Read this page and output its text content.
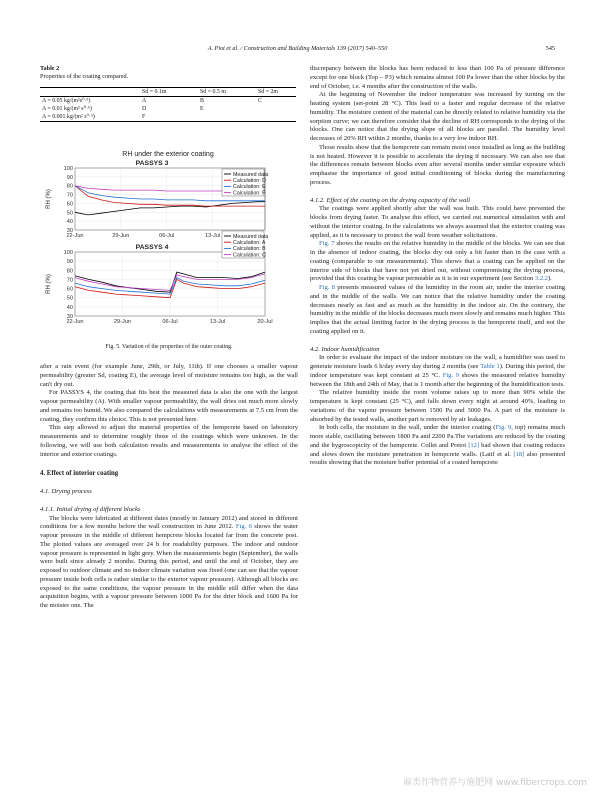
A. Piot et al. / Construction and Building Materials 139 (2017) 540–550	545
Table 2
Properties of the coating compared.
	Sd = 0.1m	Sd = 0.5 m	Sd = 2m
A = 0.05 kg/(m²s⁰·⁵)	A	B	C
A = 0.01 kg/(m² s⁰·⁵)	D	E	
A = 0.001 kg/(m² s⁰·⁵)	F		
RH under the exterior coating
PASSYS 3
30
40
50
60
70
80
90
100
22-Jun	29-Jun	06-Jul	13-Jul
RH (%)
Measured data
Calculation: D
Calculation: E
Calculation: F
PASSYS 4
30
40
50
60
70
80
90
100
22-Jun	29-Jun	06-Jul	13-Jul	20-Jul
RH (%)
Measured data
Calculation: A
Calculation: B
Calculation: C
Fig. 5. Variation of the properties of the outer coating.

after a rain event (for example June, 29th, or July, 11th). If one chooses a smaller vapour permeability (greater Sd, coating E), the average level of moisture remains too high, as the wall can't dry out.

For PASSYS 4, the coating that fits best the measured data is also the one with the largest vapour permeability (A). With smaller vapour permeability, the wall dries out much more slowly and remains too humid. We also compared the calculations with measurements at 7.5 cm from the coating, they confirm this choice. This is not presented here.

This step allowed to adjust the material properties of the hempcrete based on laboratory measurements and to determine roughly those of the coatings which were unknown. In the following, we will use both calculation results and measurements to analyse the effect of the interior and exterior coatings.

4. Effect of interior coating
4.1. Drying process
4.1.1. Initial drying of different blocks

The blocks were fabricated at different dates (mostly in January 2012) and stored in different conditions for a few months before the wall construction in June 2012. Fig. 6 shows the water vapour pressure in the middle of different hempcrete blocks located far from the concrete post. The plotted values are averaged over 24 h for readability purposes. The indoor and outdoor vapour pressure is represented in light grey. When the measurements begin (September), the walls were built since already 2 months. During this period, and until the end of October, they are exposed to outdoor climate and no indoor climate variation was fixed (one can see that the vapour pressure inside both cells is rather similar to the exterior vapour pressure). Although all blocks are exposed to the same conditions, the vapour pressure in the middle still differ when the data acquisition begins, with a vapour pressure between 1000 Pa for the drier block and 1600 Pa for the moister one. The

discrepancy between the blocks has been reduced to less than 100 Pa of pressure difference except for one block (Top – P3) which remains almost 100 Pa lower than the other blocks by the end of October, i.e. 4 months after the construction of the walls.

At the beginning of November the indoor temperature was increased by turning on the heating system (set-point 28 °C). This lead to a faster and regular decrease of the relative humidity. The moisture content of the material can be directly related to relative humidity via the sorption curve; we can therefore consider that the decline of RH corresponds to the drying of the blocks. One can notice that the drying slope of all blocks are parallel. The humidity level decreases of 20% RH within 2 months, thanks to a very low indoor RH.

Those results show that the hempcrete can remain moist once installed as long as the building is not heated. However it is possible to accelerate the drying if necessary. We can also see that the differences remain between blocks even after several months under similar exposure which emphasise the importance of good initial conditioning of blocks during the manufacturing process.

4.1.2. Effect of the coating on the drying capacity of the wall

The coatings were applied shortly after the wall was built. This could have prevented the blocks from drying faster. To analyse this effect, we carried out numerical simulation with and without the interior coating. In the calculations we always assumed that the exterior coating was applied, as it is necessary to protect the wall from weather solicitations.

Fig. 7 shows the results on the relative humidity in the middle of the blocks. We can see that in the absence of indoor coating, the blocks dry out only a bit faster than in the case with a coating (comparable to our measurements). This shows that a coating can be applied on the interior side of blocks that have not yet dried out, without compromising the drying process, provided that this coating be vapour permeable as it is in our experiment (see Section 3.2.2).

Fig. 8 presents measured values of the humidity in the room air, under the interior coating and in the middle of the walls. We can notice that the relative humidity under the coating decreases nearly as fast and as much as the humidity in the indoor air. On the contrary, the humidity in the middle of the blocks decreases much more slowly and remains much higher. This implies that the actual limiting factor in the drying process is the hempcrete itself, and not the coating applied on it.

4.2. Indoor humidification

In order to evaluate the impact of the indoor moisture on the wall, a humidifier was used to generate moisture loads 6 h/day every day during 2 months (see Table 1). During this period, the indoor temperature was kept constant at 25 °C. Fig. 9 shows the measured relative humidity between the 18th and 24th of May, that is 1 month after the beginning of the humidification tests.

The relative humidity inside the room volume raises up to more than 90% while the temperature is kept constant (25 °C), and falls down every night at around 40%, leading to variations of the vapour pressure between 1500 Pa and 3000 Pa. A part of the moisture is absorbed by the tested walls, another part is removed by air leakages.

In both cells, the moisture in the wall, under the interior coating (Fig. 9, top) remains much more stable, oscillating between 1800 Pa and 2200 Pa.The variations are reduced by the coating and the hygroscopicity of the hempcrete. Collet and Pretot [12] had shown that coating reduces and slows down the moisture penetration in hempcrete walls. (Latif et al. [18] also presented results showing that the moisture buffer potential of a coated hempcrete

麻类作物营养与施肥网 www.fibercrops.com
